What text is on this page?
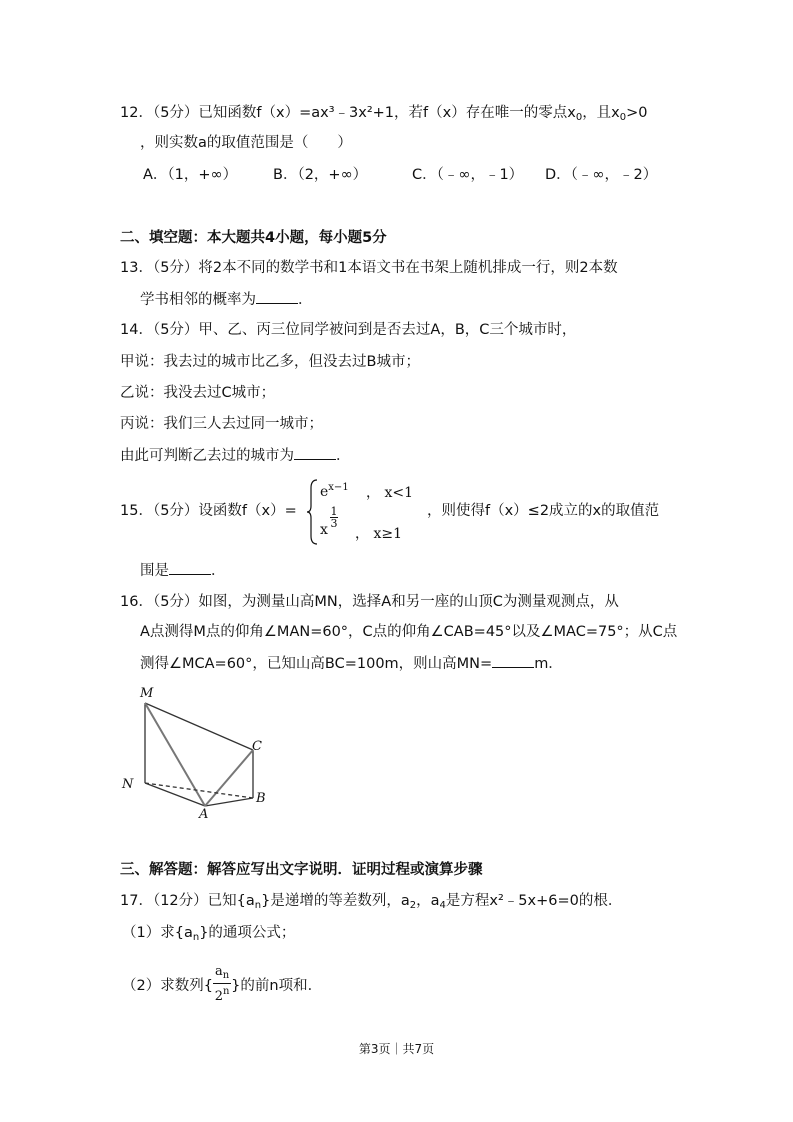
12．（5分）已知函数f（x）=ax³﹣3x²+1，若f（x）存在唯一的零点$x_0$，且$x_0>0$
，则实数a的取值范围是（　　）
A．（1，+∞） B．（2，+∞）	C．（﹣∞，﹣1） D．（﹣∞，﹣2）
二、填空题：本大题共4小题，每小题5分
13．（5分）将2本不同的数学书和1本语文书在书架上随机排成一行，则2本数
学书相邻的概率为	．
14．（5分）甲、乙、丙三位同学被问到是否去过A，B，C三个城市时，
甲说：我去过的城市比乙多，但没去过B城市；
乙说：我没去过C城市；
丙说：我们三人去过同一城市；
由此可判断乙去过的城市为	．
15．（5分）设函数f（x）=
$e^{x-1}$ ， x<1
x
1
3
， x≥1
，则使得f（x）≤2成立的x的取值范
围是	．
16．（5分）如图，为测量山高MN，选择A和另一座的山顶C为测量观测点，从
A点测得M点的仰角∠MAN=60°，C点的仰角∠CAB=45°以及∠MAC=75°；从C点
测得∠MCA=60°，已知山高BC=100m，则山高MN=	m．
M
N
A
B
C
三、解答题：解答应写出文字说明．证明过程或演算步骤
17．（12分）已知$\{a_n\}$是递增的等差数列，$a_2$，$a_4$是方程x²﹣5x+6=0的根．
（1）求$\{a_n\}$的通项公式；
（2）求数列{ $\frac{a_n}{2^n}$ }的前n项和．
第3页｜共7页
